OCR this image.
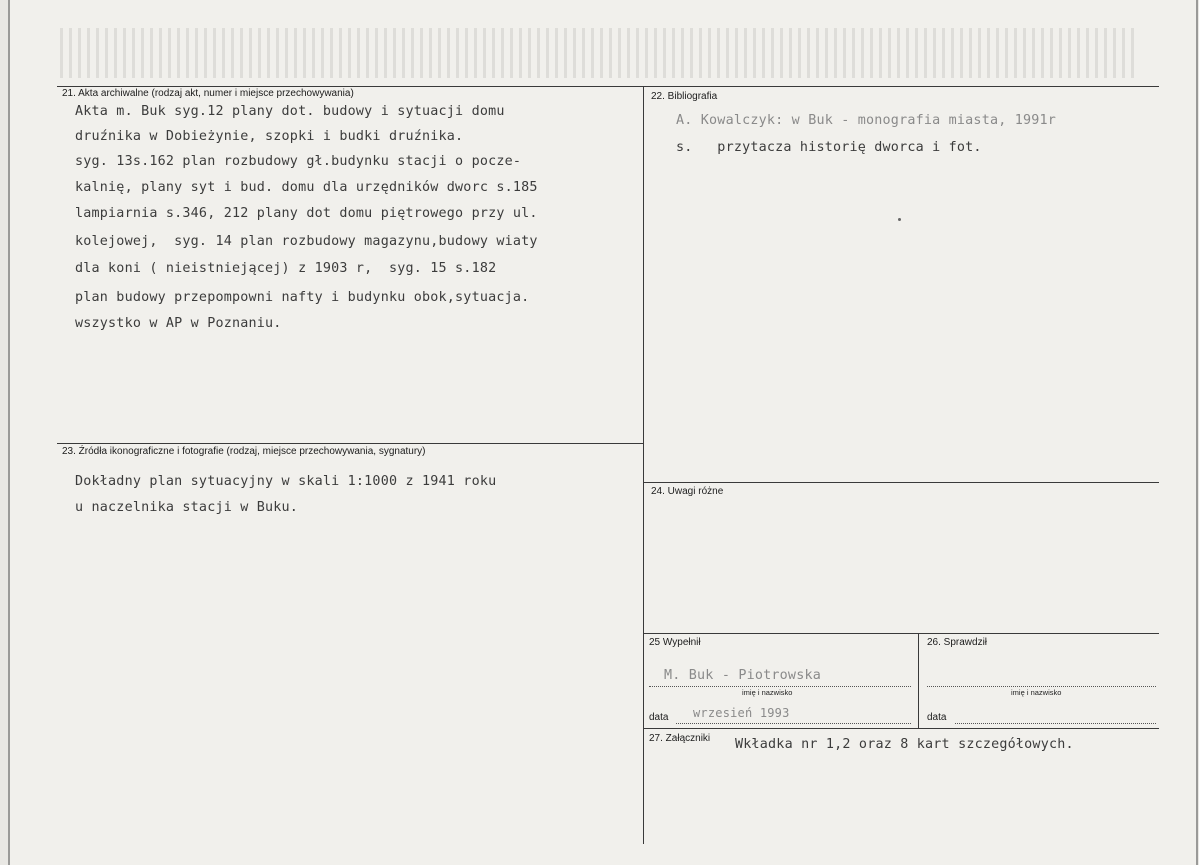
21. Akta archiwalne (rodzaj akt, numer i miejsce przechowywania)
Akta m. Buk syg.12 plany dot. budowy i sytuacji domu
druźnika w Dobieżynie, szopki i budki druźnika.
syg. 13s.162 plan rozbudowy gł.budynku stacji o pocze-
kalnię, plany syt i bud. domu dla urzędników dworc s.185
lampiarnia s.346, 212 plany dot domu piętrowego przy ul.
kolejowej,  syg. 14 plan rozbudowy magazynu,budowy wiaty
dla koni ( nieistniejącej) z 1903 r,  syg. 15 s.182
plan budowy przepompowni nafty i budynku obok,sytuacja.
wszystko w AP w Poznaniu.
22. Bibliografia
A. Kowalczyk: w Buk - monografia miasta, 1991r
s.   przytacza historię dworca i fot.
23. Źródła ikonograficzne i fotografie (rodzaj, miejsce przechowywania, sygnatury)
Dokładny plan sytuacyjny w skali 1:1000 z 1941 roku
u naczelnika stacji w Buku.
24. Uwagi różne
25 Wypełnił
M. Buk - Piotrowska
imię i nazwisko
data wrzesień 1993
26. Sprawdził
imię i nazwisko
data
27. Załączniki Wkładka nr 1,2 oraz 8 kart szczegółowych.
